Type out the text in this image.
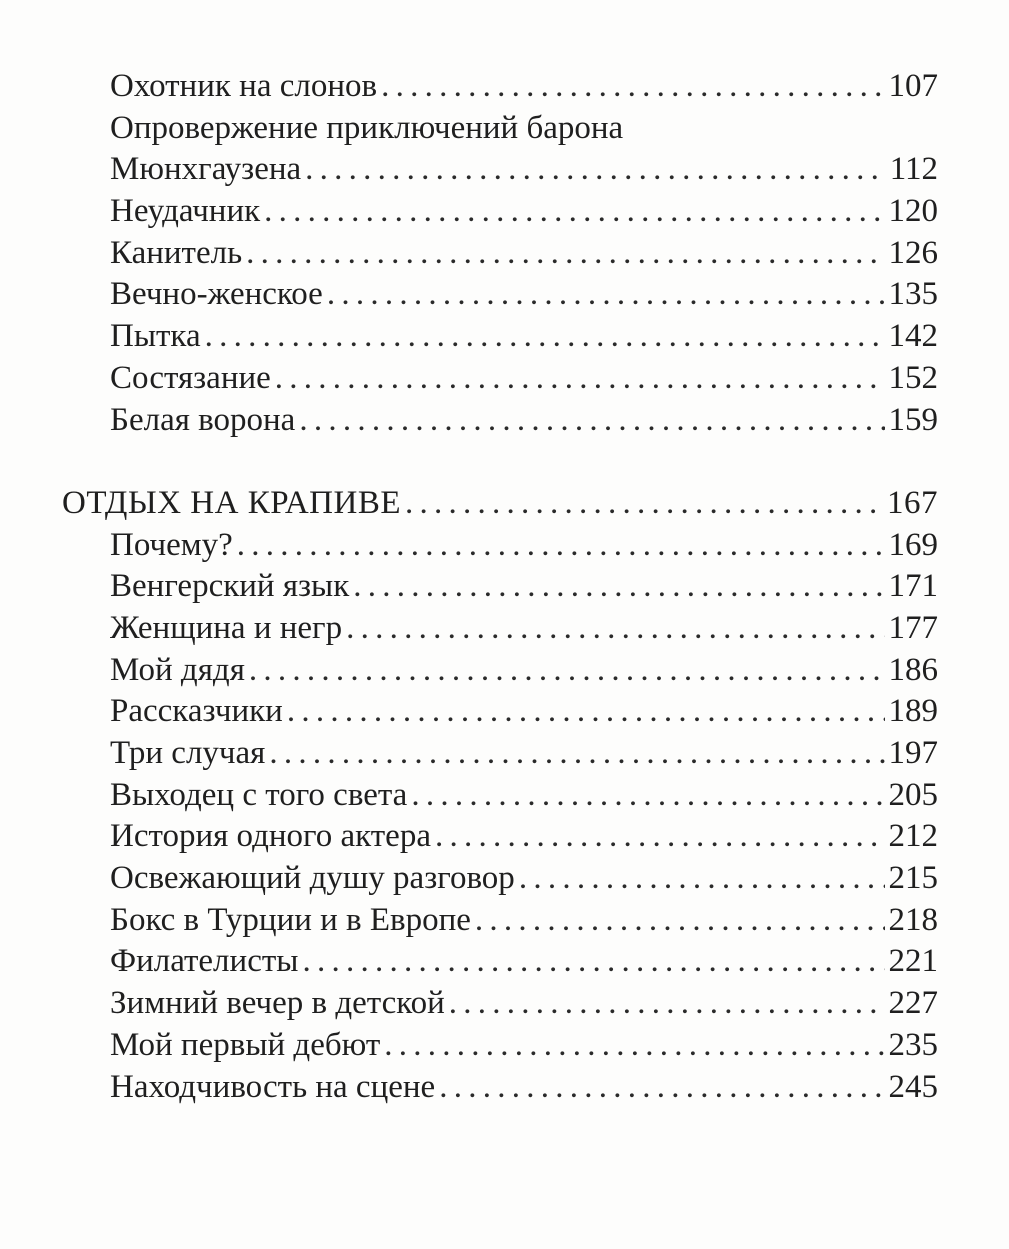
Охотник на слонов . . .	107
Опровержение приключений барона
Мюнхгаузена . . .	112
Неудачник . . .	120
Канитель . . .	126
Вечно-женское . . .	135
Пытка . . .	142
Состязание . . .	152
Белая ворона . . .	159
ОТДЫХ НА КРАПИВЕ . . .	167
Почему? . . .	169
Венгерский язык . . .	171
Женщина и негр . . .	177
Мой дядя . . .	186
Рассказчики . . .	189
Три случая . . .	197
Выходец с того света . . .	205
История одного актера . . .	212
Освежающий душу разговор . . .	215
Бокс в Турции и в Европе . . .	218
Филателисты . . .	221
Зимний вечер в детской . . .	227
Мой первый дебют . . .	235
Находчивость на сцене . . .	245
